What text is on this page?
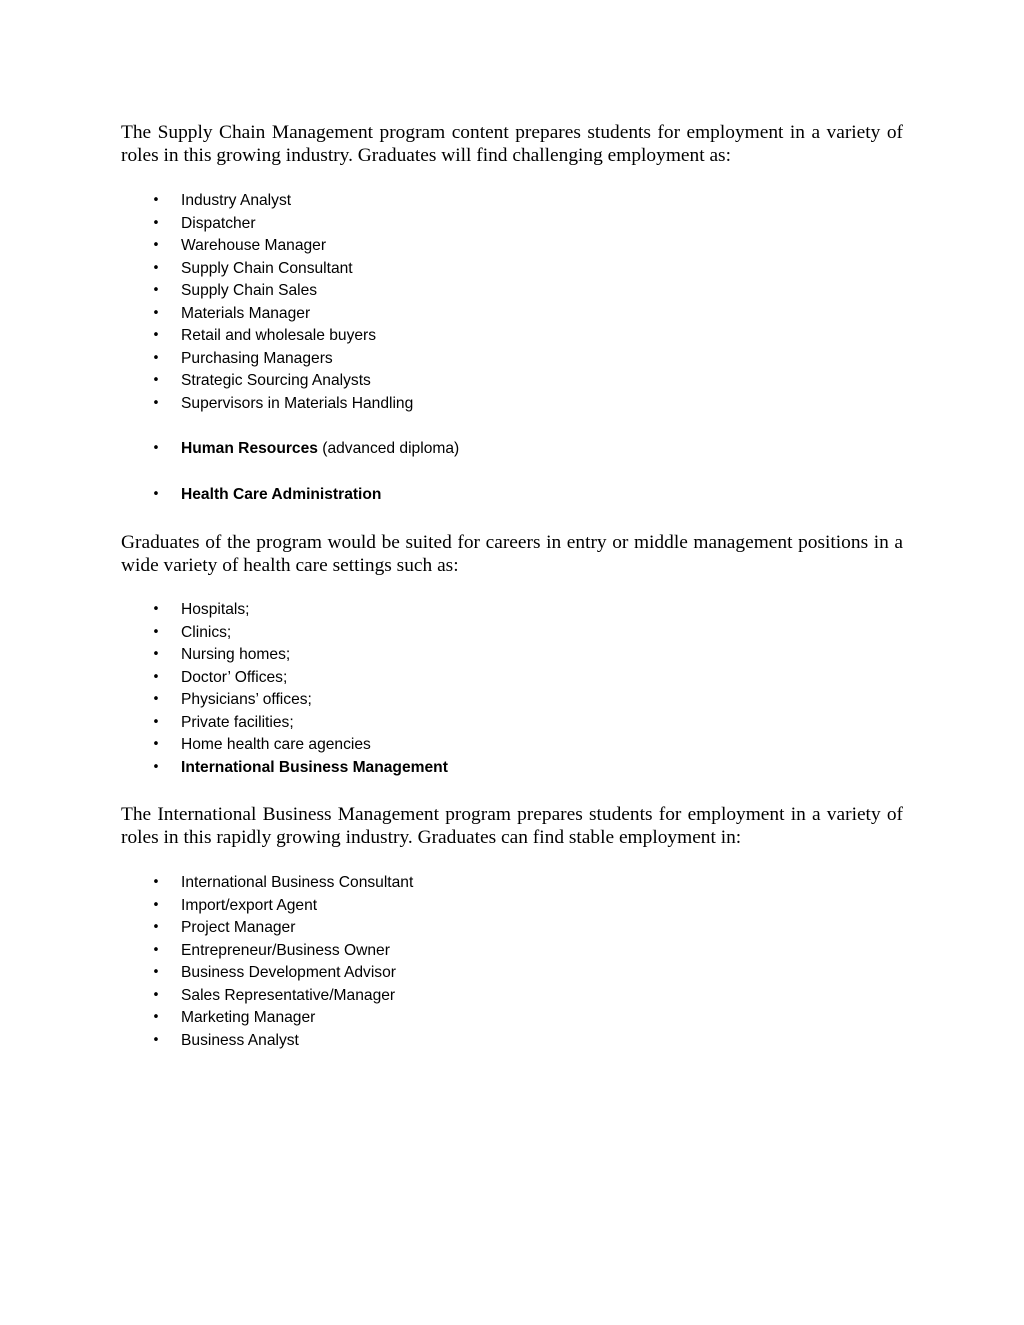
The Supply Chain Management program content prepares students for employment in a variety of roles in this growing industry. Graduates will find challenging employment as:

• Industry Analyst
• Dispatcher
• Warehouse Manager
• Supply Chain Consultant
• Supply Chain Sales
• Materials Manager
• Retail and wholesale buyers
• Purchasing Managers
• Strategic Sourcing Analysts
• Supervisors in Materials Handling
• Human Resources (advanced diploma)
• Health Care Administration

Graduates of the program would be suited for careers in entry or middle management positions in a wide variety of health care settings such as:

• Hospitals;
• Clinics;
• Nursing homes;
• Doctor’ Offices;
• Physicians’ offices;
• Private facilities;
• Home health care agencies
• International Business Management

The International Business Management program prepares students for employment in a variety of roles in this rapidly growing industry. Graduates can find stable employment in:

• International Business Consultant
• Import/export Agent
• Project Manager
• Entrepreneur/Business Owner
• Business Development Advisor
• Sales Representative/Manager
• Marketing Manager
• Business Analyst
